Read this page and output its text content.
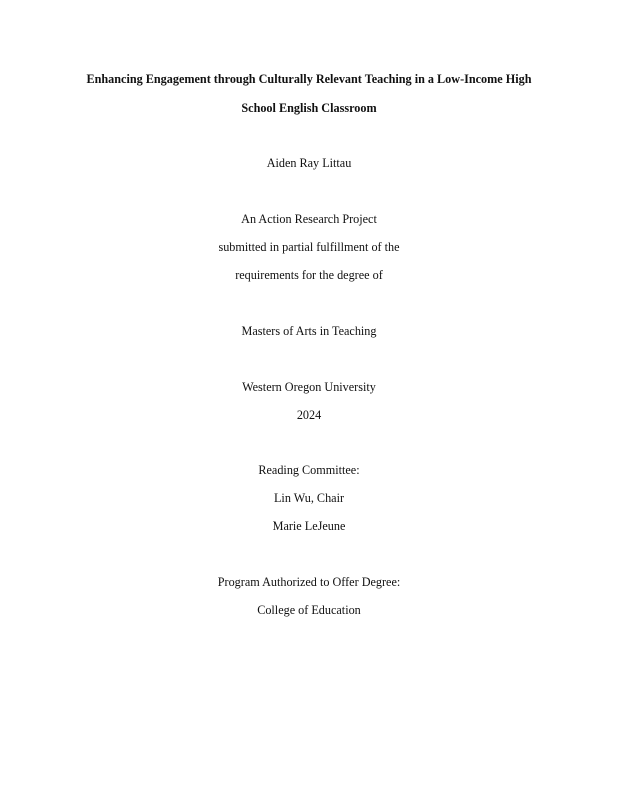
Enhancing Engagement through Culturally Relevant Teaching in a Low-Income High
School English Classroom
Aiden Ray Littau
An Action Research Project
submitted in partial fulfillment of the
requirements for the degree of
Masters of Arts in Teaching
Western Oregon University
2024
Reading Committee:
Lin Wu, Chair
Marie LeJeune
Program Authorized to Offer Degree:
College of Education
